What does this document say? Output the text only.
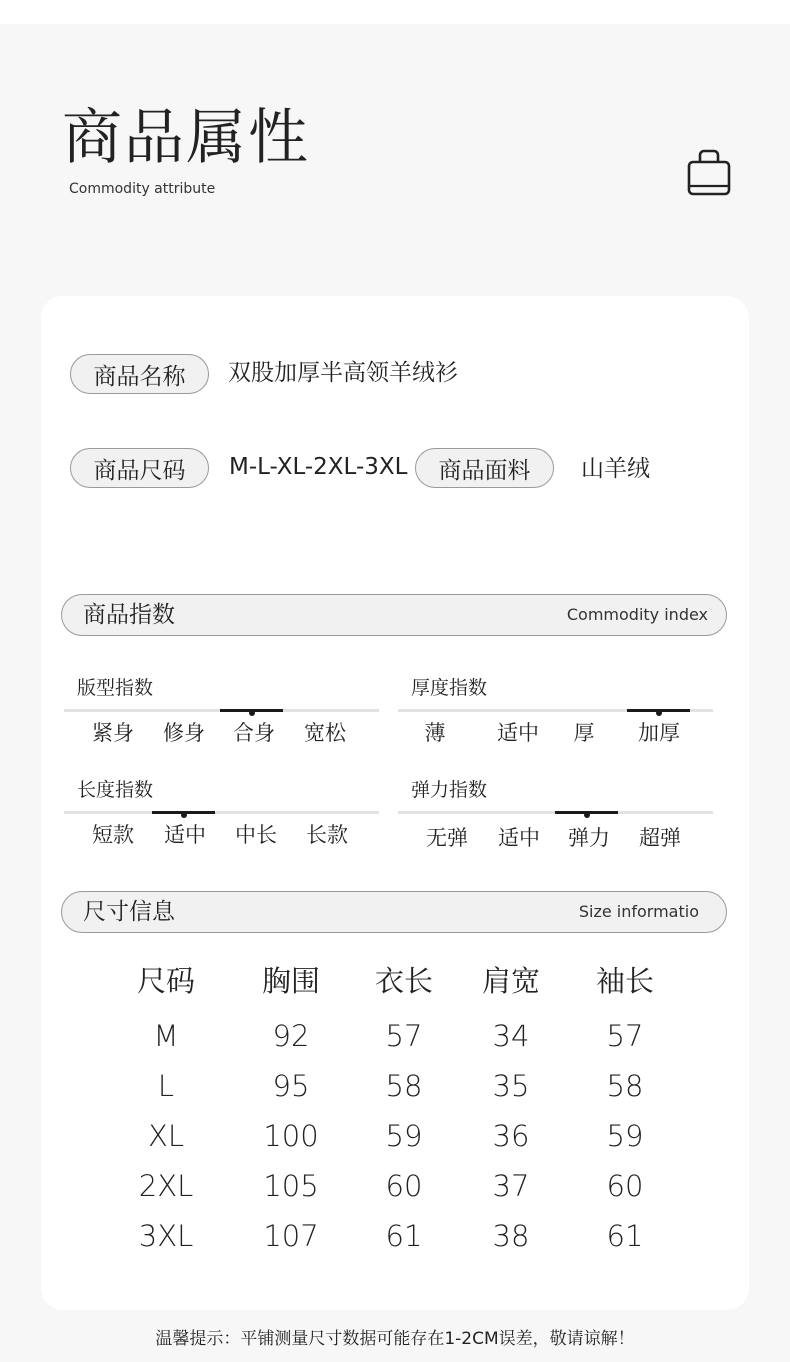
商品属性
Commodity attribute
商品名称	双股加厚半高领羊绒衫
商品尺码	M-L-XL-2XL-3XL	商品面料	山羊绒
商品指数	Commodity index
版型指数
紧身	修身	合身	宽松
厚度指数
薄	适中	厚	加厚
长度指数
短款	适中	中长	长款
弹力指数
无弹	适中	弹力	超弹
尺寸信息	Size informatio
尺码	胸围	衣长	肩宽	袖长
M	92	57	34	57
L	95	58	35	58
XL	100	59	36	59
2XL	105	60	37	60
3XL	107	61	38	61
温馨提示：平铺测量尺寸数据可能存在1-2CM误差，敬请谅解！
